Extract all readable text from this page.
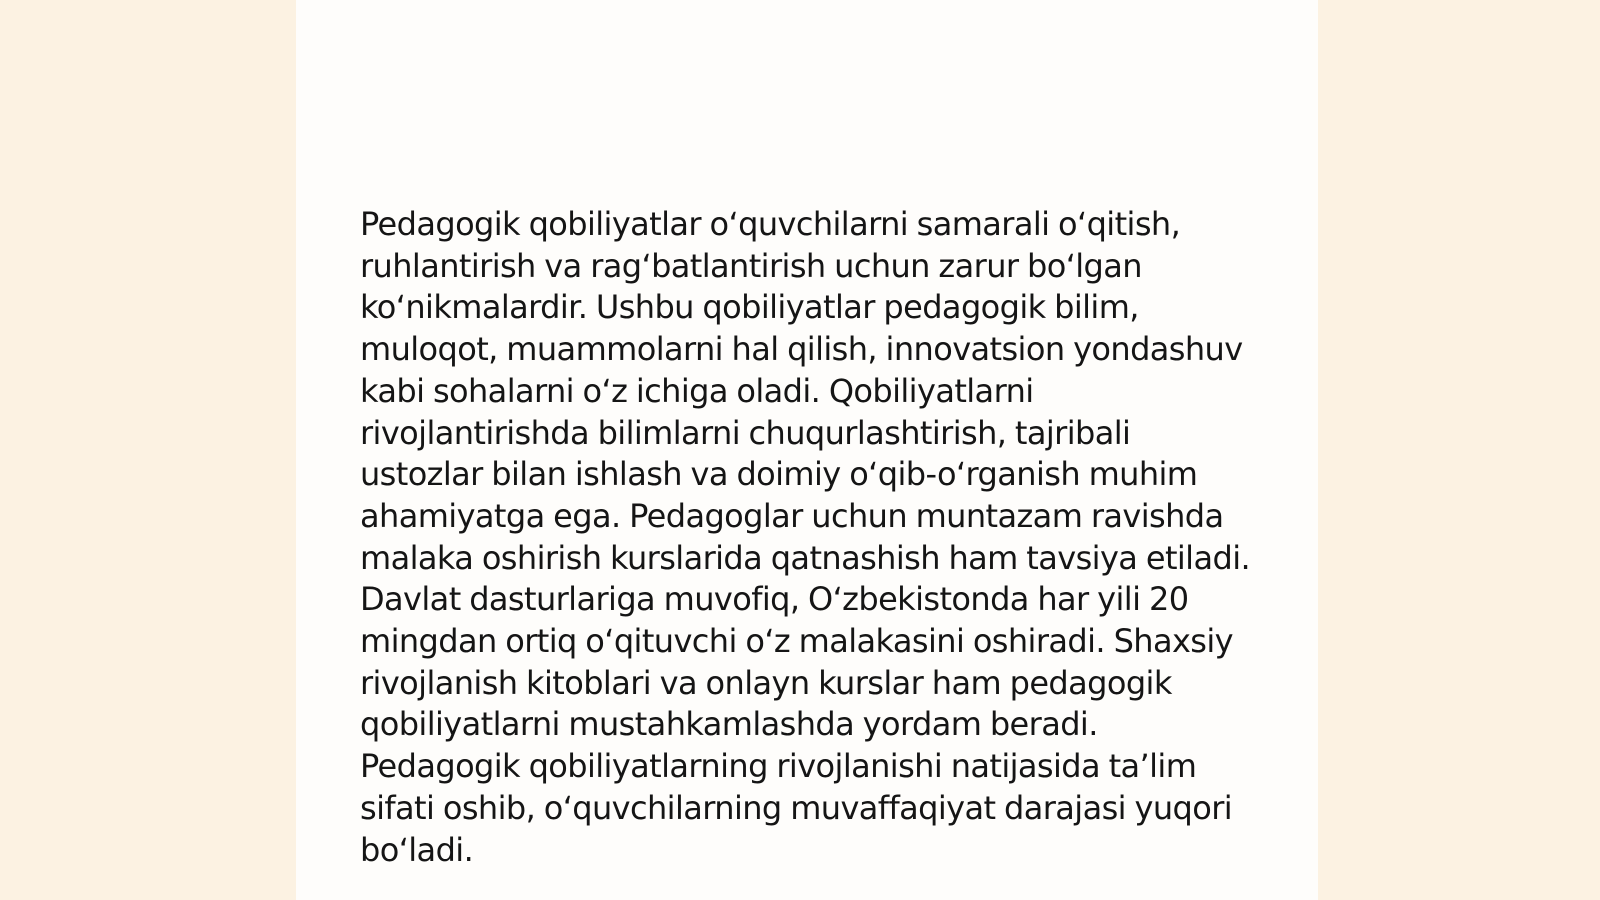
Pedagogik qobiliyatlar oʻquvchilarni samarali oʻqitish, ruhlantirish va ragʻbatlantirish uchun zarur boʻlgan koʻnikmalardir. Ushbu qobiliyatlar pedagogik bilim, muloqot, muammolarni hal qilish, innovatsion yondashuv kabi sohalarni oʻz ichiga oladi. Qobiliyatlarni rivojlantirishda bilimlarni chuqurlashtirish, tajribali ustozlar bilan ishlash va doimiy oʻqib-oʻrganish muhim ahamiyatga ega. Pedagoglar uchun muntazam ravishda malaka oshirish kurslarida qatnashish ham tavsiya etiladi. Davlat dasturlariga muvofiq, Oʻzbekistonda har yili 20 mingdan ortiq oʻqituvchi oʻz malakasini oshiradi. Shaxsiy rivojlanish kitoblari va onlayn kurslar ham pedagogik qobiliyatlarni mustahkamlashda yordam beradi. Pedagogik qobiliyatlarning rivojlanishi natijasida taʼlim sifati oshib, oʻquvchilarning muvaffaqiyat darajasi yuqori boʻladi.
